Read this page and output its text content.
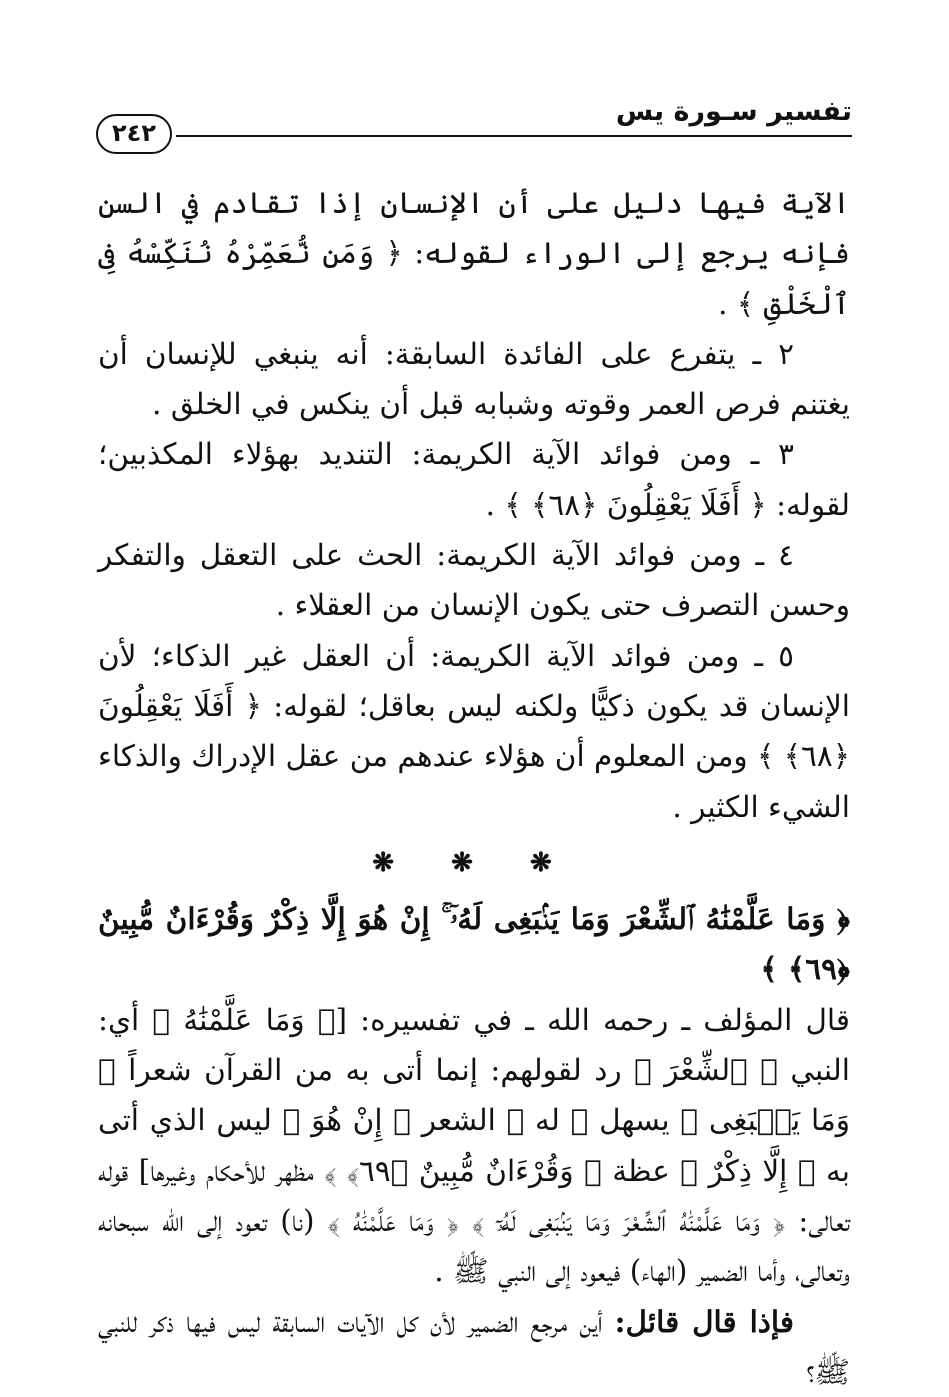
تفسير سـورة يس
٢٤٢

الآية فيها دليل على أن الإنسان إذا تقادم في السن فإنه يرجع إلى الوراء لقوله: ﴿ وَمَن نُّعَمِّرْهُ نُنَكِّسْهُ فِى ٱلْخَلْقِ ﴾ .

٢ ـ يتفرع على الفائدة السابقة: أنه ينبغي للإنسان أن يغتنم فرص العمر وقوته وشبابه قبل أن ينكس في الخلق .

٣ ـ ومن فوائد الآية الكريمة: التنديد بهؤلاء المكذبين؛ لقوله: ﴿ أَفَلَا يَعْقِلُونَ ﴿٦٨﴾ ﴾ .

٤ ـ ومن فوائد الآية الكريمة: الحث على التعقل والتفكر وحسن التصرف حتى يكون الإنسان من العقلاء .

٥ ـ ومن فوائد الآية الكريمة: أن العقل غير الذكاء؛ لأن الإنسان قد يكون ذكيًّا ولكنه ليس بعاقل؛ لقوله: ﴿ أَفَلَا يَعْقِلُونَ ﴿٦٨﴾ ﴾ ومن المعلوم أن هؤلاء عندهم من عقل الإدراك والذكاء الشيء الكثير .

❋ ❋ ❋

﴿ وَمَا عَلَّمْنَٰهُ ٱلشِّعْرَ وَمَا يَنۢبَغِى لَهُۥٓ ۚ إِنْ هُوَ إِلَّا ذِكْرٌ وَقُرْءَانٌ مُّبِينٌ ﴿٦٩﴾ ﴾

قال المؤلف ـ رحمه الله ـ في تفسيره: [﴿ وَمَا عَلَّمْنَٰهُ ﴾ أي: النبي ﴿ ٱلشِّعْرَ ﴾ رد لقولهم: إنما أتى به من القرآن شعراً ﴿ وَمَا يَنۢبَغِى ﴾ يسهل ﴿ له ﴾ الشعر ﴿ إِنْ هُوَ ﴾ ليس الذي أتى به ﴿ إِلَّا ذِكْرٌ ﴾ عظة ﴿ وَقُرْءَانٌ مُّبِينٌ ﴿٦٩﴾ ﴾ مظهر للأحكام وغيرها] قوله تعالى: ﴿ وَمَا عَلَّمْنَٰهُ ٱلشِّعْرَ وَمَا يَنۢبَغِى لَهُۥٓ ﴾ ﴿ وَمَا عَلَّمْنَٰهُ ﴾ (نا) تعود إلى الله سبحانه وتعالى، وأما الضمير (الهاء) فيعود إلى النبي ﷺ .

فإذا قال قائل: أين مرجع الضمير لأن كل الآيات السابقة ليس فيها ذكر للنبي ﷺ؟
